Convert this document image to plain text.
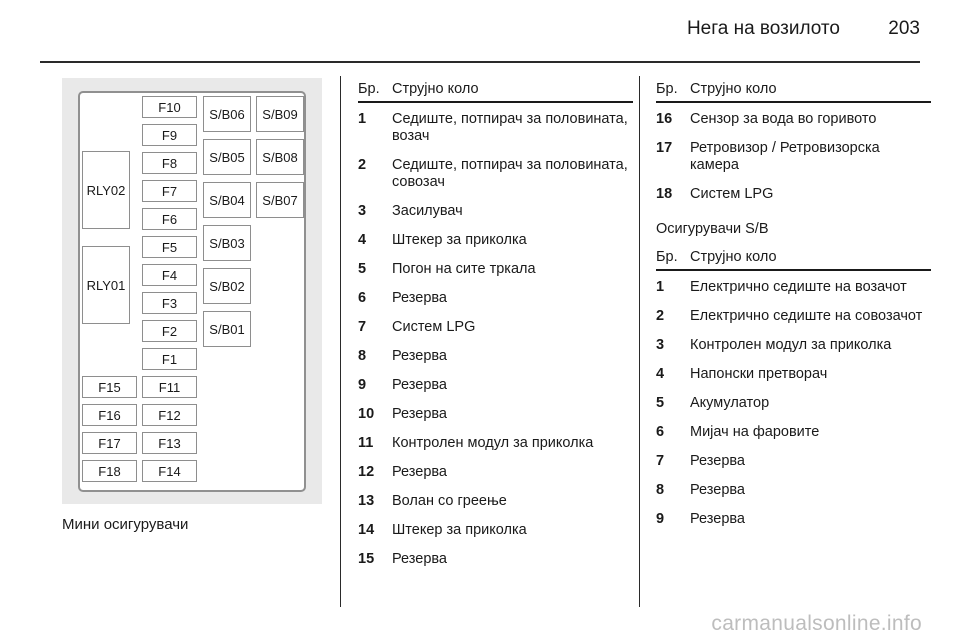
Нега на возилото	203
RLY02
RLY01
F10
F9
F8
F7
F6
F5
F4
F3
F2
F1
F15
F16
F17
F18
F11
F12
F13
F14
S/B06
S/B05
S/B04
S/B03
S/B02
S/B01
S/B09
S/B08
S/B07
Мини осигурувачи
Бр. Струјно коло
1	Седиште, потпирач за половината, возач
2	Седиште, потпирач за половината, совозач
3	Засилувач
4	Штекер за приколка
5	Погон на сите тркала
6	Резерва
7	Систем LPG
8	Резерва
9	Резерва
10	Резерва
11	Контролен модул за приколка
12	Резерва
13	Волан со греење
14	Штекер за приколка
15	Резерва
Бр. Струјно коло
16	Сензор за вода во горивото
17	Ретровизор / Ретровизорска камера
18	Систем LPG
Осигурувачи S/B
Бр. Струјно коло
1	Електрично седиште на возачот
2	Електрично седиште на совозачот
3	Контролен модул за приколка
4	Напонски претворач
5	Акумулатор
6	Мијач на фаровите
7	Резерва
8	Резерва
9	Резерва
carmanualsonline.info
